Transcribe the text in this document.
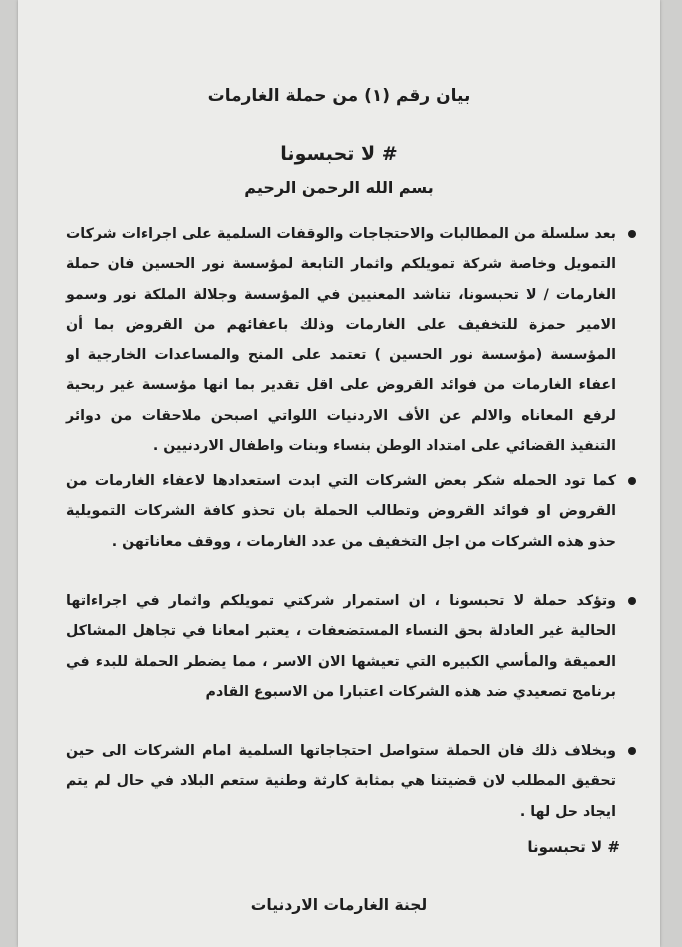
بيان رقم (١) من حملة الغارمات
# لا تحبسونا
بسم الله الرحمن الرحيم
بعد سلسلة من المطالبات والاحتجاجات والوقفات السلمية على اجراءات شركات التمويل وخاصة شركة تمويلكم واثمار التابعة لمؤسسة نور الحسين فان حملة الغارمات / لا تحبسونا، تناشد المعنيين في المؤسسة وجلالة الملكة نور وسمو الامير حمزة للتخفيف على الغارمات وذلك باعفائهم من القروض بما أن المؤسسة (مؤسسة نور الحسين ) تعتمد على المنح والمساعدات الخارجية او اعفاء الغارمات من فوائد القروض على اقل تقدير بما انها مؤسسة غير ربحية لرفع المعاناه والالم عن الأف الاردنيات اللواتي اصبحن ملاحقات من دوائر التنفيذ القضائي على امتداد الوطن بنساء وبنات واطفال الاردنيين .
كما تود الحمله شكر بعض الشركات التي ابدت استعدادها لاعفاء الغارمات من القروض او فوائد القروض وتطالب الحملة بان تحذو كافة الشركات التمويلية حذو هذه الشركات من اجل التخفيف من عدد الغارمات ، ووقف معاناتهن .
وتؤكد حملة لا تحبسونا ، ان استمرار شركتي تمويلكم واثمار في اجراءاتها الحالية غير العادلة بحق النساء المستضعفات ، يعتبر امعانا في تجاهل المشاكل العميقة والمأسي الكبيره التي تعيشها الان الاسر ، مما يضطر الحملة للبدء في برنامج تصعيدي ضد هذه الشركات اعتبارا من الاسبوع القادم
وبخلاف ذلك فان الحملة ستواصل احتجاجاتها السلمية امام الشركات الى حين تحقيق المطلب لان قضيتنا هي بمثابة كارثة وطنية ستعم البلاد في حال لم يتم ايجاد حل لها .
# لا تحبسونا
لجنة الغارمات الاردنيات
